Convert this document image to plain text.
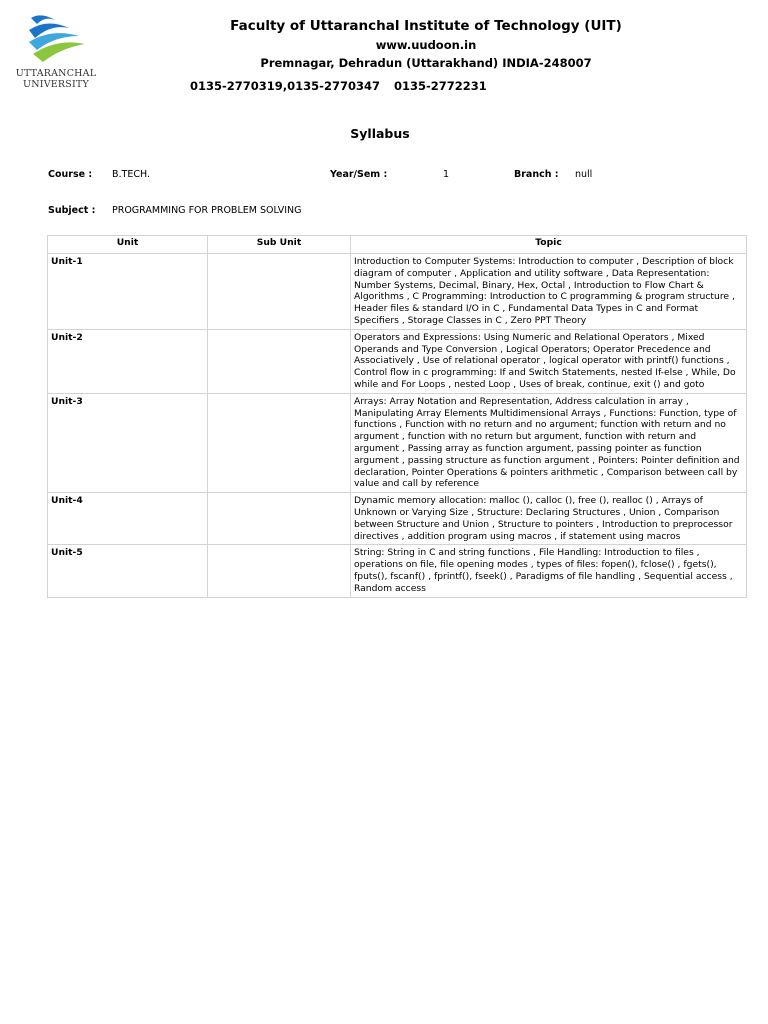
UTTARANCHAL
UNIVERSITY
Faculty of Uttaranchal Institute of Technology (UIT)
www.uudoon.in
Premnagar, Dehradun (Uttarakhand) INDIA-248007
0135-2770319,0135-2770347 0135-2772231
Syllabus
Course : B.TECH.	Year/Sem :	1	Branch : null
Subject : PROGRAMMING FOR PROBLEM SOLVING
Unit	Sub Unit	Topic
Unit-1		Introduction to Computer Systems: Introduction to computer , Description of block diagram of computer , Application and utility software , Data Representation: Number Systems, Decimal, Binary, Hex, Octal , Introduction to Flow Chart & Algorithms , C Programming: Introduction to C programming & program structure , Header files & standard I/O in C , Fundamental Data Types in C and Format Specifiers , Storage Classes in C , Zero PPT Theory
Unit-2		Operators and Expressions: Using Numeric and Relational Operators , Mixed Operands and Type Conversion , Logical Operators; Operator Precedence and Associatively , Use of relational operator , logical operator with printf() functions , Control flow in c programming: If and Switch Statements, nested If-else , While, Do while and For Loops , nested Loop , Uses of break, continue, exit () and goto
Unit-3		Arrays: Array Notation and Representation, Address calculation in array , Manipulating Array Elements Multidimensional Arrays , Functions: Function, type of functions , Function with no return and no argument; function with return and no argument , function with no return but argument, function with return and argument , Passing array as function argument, passing pointer as function argument , passing structure as function argument , Pointers: Pointer definition and declaration, Pointer Operations & pointers arithmetic , Comparison between call by value and call by reference
Unit-4		Dynamic memory allocation: malloc (), calloc (), free (), realloc () , Arrays of Unknown or Varying Size , Structure: Declaring Structures , Union , Comparison between Structure and Union , Structure to pointers , Introduction to preprocessor directives , addition program using macros , if statement using macros
Unit-5		String: String in C and string functions , File Handling: Introduction to files , operations on file, file opening modes , types of files: fopen(), fclose() , fgets(), fputs(), fscanf() , fprintf(), fseek() , Paradigms of file handling , Sequential access , Random access
